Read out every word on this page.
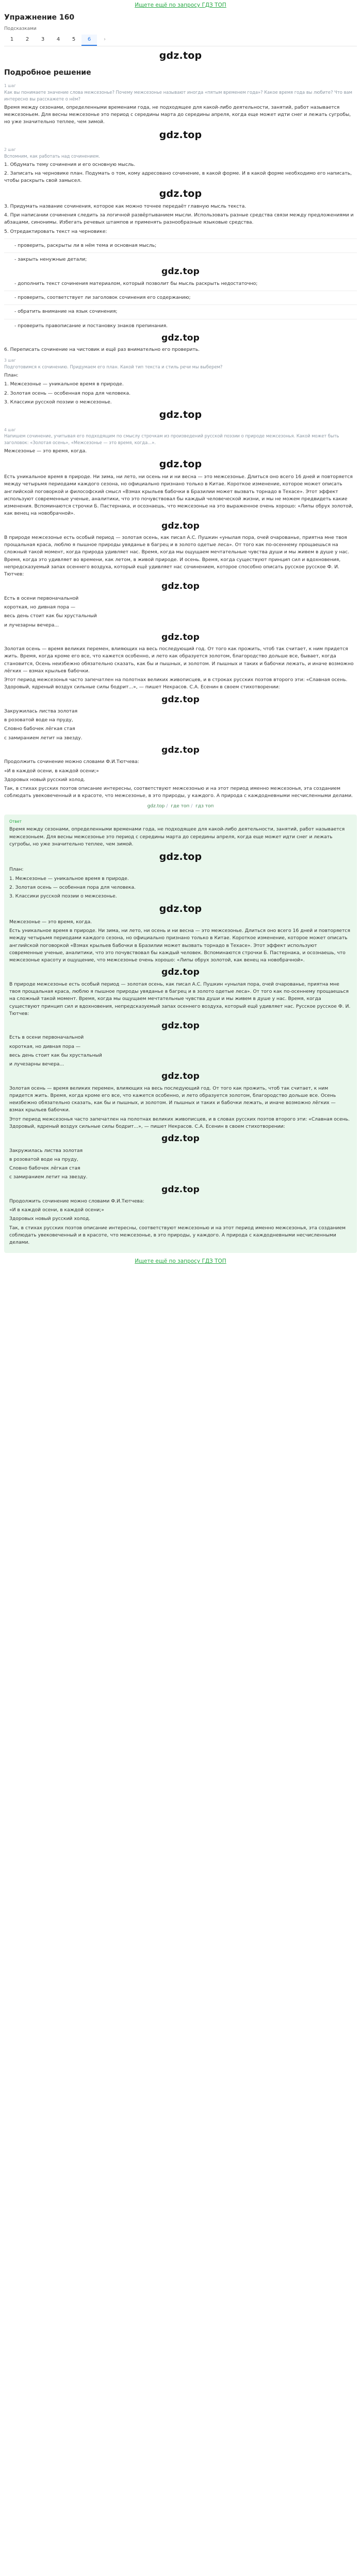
Ищете ещё по запросу ГДЗ ТОП
Упражнение 160
Подсказками
1	2	3	4	5	6	›
gdz.top
Подробное решение
1 шаг
Как вы понимаете значение слова межсезонье? Почему межсезонье называют иногда «пятым временем года»? Какое время года вы любите? Что вам интересно вы расскажете о нём?

Время между сезонами, определенными временами года, не подходящее для какой-либо деятельности, занятий, работ называется межсезоньем. Для весны межсезонье это период с середины марта до середины апреля, когда еще может идти снег и лежать сугробы, но уже значительно теплее, чем зимой.

gdz.top
2 шаг
Вспомним, как работать над сочинением.

1. Обдумать тему сочинения и его основную мысль.

2. Записать на черновике план. Подумать о том, кому адресовано сочинение, в какой форме. И в какой форме необходимо его написать, чтобы раскрыть свой замысел.

gdz.top

3. Придумать название сочинения, которое как можно точнее передаёт главную мысль текста.

4. При написании сочинения следить за логичной развёртыванием мысли. Использовать разные средства связи между предложениями и абзацами, синонимы. Избегать речевых штампов и применять разнообразные языковые средства.

5. Отредактировать текст на черновике:

- проверить, раскрыты ли в нём тема и основная мысль;

- закрыть ненужные детали;

gdz.top

- дополнить текст сочинения материалом, который позволит бы мысль раскрыть недостаточно;

- проверить, соответствует ли заголовок сочинения его содержанию;

- обратить внимание на язык сочинения;

- проверить правописание и постановку знаков препинания.

gdz.top

6. Переписать сочинение на чистовик и ещё раз внимательно его проверить.

3 шаг
Подготовимся к сочинению. Придумаем его план. Какой тип текста и стиль речи мы выберем?

План:

1. Межсезонье — уникальное время в природе.

2. Золотая осень — особенная пора для человека.

3. Классики русской поэзии о межсезонье.

gdz.top
4 шаг
Напишем сочинение, учитывая его подходящим по смыслу строчкам из произведений русской поэзии о природе межсезонья. Какой может быть заголовок: «Золотая осень», «Межсезонье — это время, когда...».

Межсезонье — это время, когда.

gdz.top

Есть уникальное время в природе. Ни зима, ни лето, ни осень ни и ни весна — это межсезонье. Длиться оно всего 16 дней и повторяется между четырьмя периодами каждого сезона, но официально признано только в Китае. Короткое изменение, которое может описать английской поговоркой и философский смысл «Взмах крыльев бабочки в Бразилии может вызвать торнадо в Техасе». Этот эффект используют современные ученые, аналитики, что это почувствовал бы каждый человеческой жизни, и мы не можем предвидеть какие изменения. Вспоминаются строчки Б. Пастернака, и осознаешь, что межсезонье на это выраженное очень хорошо: «Липы обрух золотой, как венец на новобрачной».

gdz.top

В природе межсезонье есть особый период — золотая осень, как писал А.С. Пушкин «унылая пора, очей очарованье, приятна мне твоя прощальная краса, люблю я пышное природы увяданье в багрец и в золото одетые леса». От того как по-осеннему прощаешься на сложный такой момент, когда природа удивляет нас. Время, когда мы ощущаем мечтательные чувства души и мы живем в душе у нас. Время, когда это удивляет во времени, как летом, в живой природе. И осень. Время, когда существуют принцип сил и вдохновения, непредсказуемый запах осеннего воздуха, который ещё удивляет нас сочинением, которое способно описать русское русское Ф. И. Тютчев:

gdz.top

Есть в осени первоначальной

короткая, но дивная пора —

весь день стоит как бы хрустальный

и лучезарны вечера...

gdz.top

Золотая осень — время великих перемен, влияющих на весь последующий год. От того как прожить, чтоб так считает, к ним придется жить. Время, когда кроме его все, что кажется особенно, и лето как образуется золотом, благородство дольше все, бывает, когда становится, Осень неизбежно обязательно сказать, как бы и пышных, и золотом. И пышных и таких и бабочки лежать, и иначе возможно лёгких — взмах крыльев бабочки.

Этот период межсезонья часто запечатлен на полотнах великих живописцев, и в строках русских поэтов второго эти: «Славная осень. Здоровый, ядреный воздух сильные силы бодрит...», — пишет Некрасов. С.А. Есенин в своем стихотворении:

gdz.top

Закружилась листва золотая

в розоватой воде на пруду,

Словно бабочек лёгкая стая

с замиранием летит на звезду.

gdz.top

Продолжить сочинение можно словами Ф.И.Тютчева:

«И в каждой осени, в каждой осени;»

Здоровых новый русский холод.

Так, в стихах русских поэтов описание интересны, соответствуют межсезонью и на этот период именно межсезонья, эта созданием соблюдать увековеченный и в красоте, что межсезонье, в это природы, у каждого. А природа с каждодневными несчисленными делами.

gdz.top / где топ / гдз топ
Ответ

Время между сезонами, определенными временами года, не подходящее для какой-либо деятельности, занятий, работ называется межсезоньем. Для весны межсезонье это период с середины марта до середины апреля, когда еще может идти снег и лежать сугробы, но уже значительно теплее, чем зимой.

gdz.top

План:

1. Межсезонье — уникальное время в природе.

2. Золотая осень — особенная пора для человека.

3. Классики русской поэзии о межсезонье.

gdz.top

Межсезонье — это время, когда.

Есть уникальное время в природе. Ни зима, ни лето, ни осень и ни весна — это межсезонье. Длиться оно всего 16 дней и повторяется между четырьмя периодами каждого сезона, но официально признано только в Китае. Короткое изменение, которое может описать английской поговоркой «Взмах крыльев бабочки в Бразилии может вызвать торнадо в Техасе». Этот эффект используют современные ученые, аналитики, что это почувствовал бы каждый человек. Вспоминаются строчки Б. Пастернака, и осознаешь, что межсезонье красоту и ощущение, что межсезонье очень хорошо: «Липы обрух золотой, как венец на новобрачной».

gdz.top

В природе межсезонье есть особый период — золотая осень, как писал А.С. Пушкин «унылая пора, очей очарованье, приятна мне твоя прощальная краса, люблю я пышное природы увяданье в багрец и в золото одетые леса». От того как по-осеннему прощаешься на сложный такой момент. Время, когда мы ощущаем мечтательные чувства души и мы живем в душе у нас. Время, когда существуют принцип сил и вдохновения, непредсказуемый запах осеннего воздуха, который ещё удивляет нас. Русское русское Ф. И. Тютчев:

gdz.top

Есть в осени первоначальной

короткая, но дивная пора —

весь день стоит как бы хрустальный

и лучезарны вечера...

gdz.top

Золотая осень — время великих перемен, влияющих на весь последующий год. От того как прожить, чтоб так считает, к ним придется жить. Время, когда кроме его все, что кажется особенно, и лето образуется золотом, благородство дольше все. Осень неизбежно обязательно сказать, как бы и пышных, и золотом. И пышных и таких и бабочки лежать, и иначе возможно лёгких — взмах крыльев бабочки.

Этот период межсезонья часто запечатлен на полотнах великих живописцев, и в словах русских поэтов второго эти: «Славная осень. Здоровый, ядреный воздух сильные силы бодрит...», — пишет Некрасов. С.А. Есенин в своем стихотворении:

gdz.top

Закружилась листва золотая

в розоватой воде на пруду,

Словно бабочек лёгкая стая

с замиранием летит на звезду.

gdz.top

Продолжить сочинение можно словами Ф.И.Тютчева:

«И в каждой осени, в каждой осени;»

Здоровых новый русский холод.

Так, в стихах русских поэтов описание интересны, соответствуют межсезонью и на этот период именно межсезонья, эта созданием соблюдать увековеченный и в красоте, что межсезонье, в это природы, у каждого. А природа с каждодневными несчисленными делами.

Ищете ещё по запросу ГДЗ ТОП
